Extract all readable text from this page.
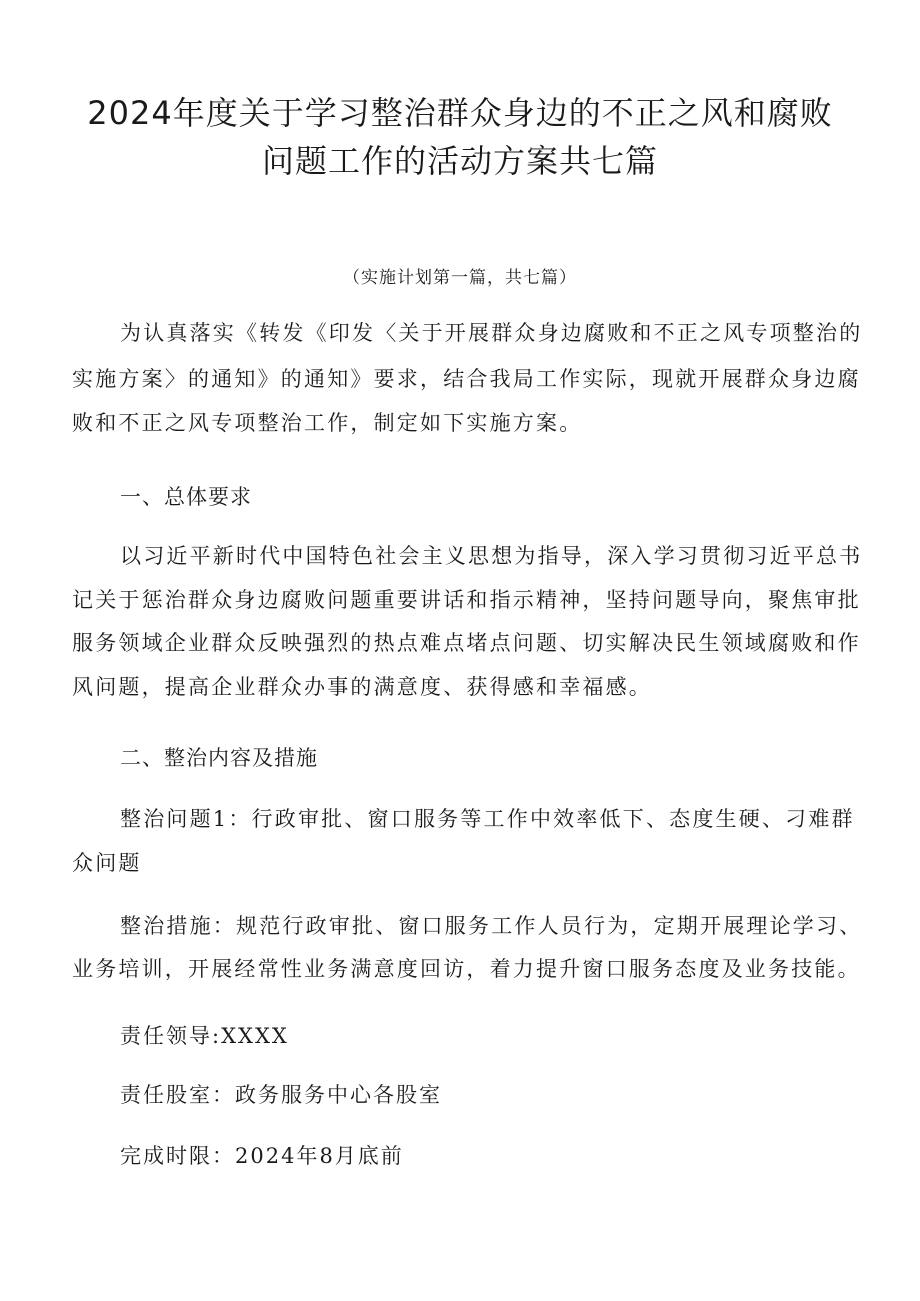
2024年度关于学习整治群众身边的不正之风和腐败
问题工作的活动方案共七篇
（实施计划第一篇，共七篇）
为认真落实《转发《印发〈关于开展群众身边腐败和不正之风专项整治的
实施方案〉的通知》的通知》要求，结合我局工作实际，现就开展群众身边腐
败和不正之风专项整治工作，制定如下实施方案。
一、总体要求
以习近平新时代中国特色社会主义思想为指导，深入学习贯彻习近平总书
记关于惩治群众身边腐败问题重要讲话和指示精神，坚持问题导向，聚焦审批
服务领域企业群众反映强烈的热点难点堵点问题、切实解决民生领域腐败和作
风问题，提高企业群众办事的满意度、获得感和幸福感。
二、整治内容及措施
整治问题1：行政审批、窗口服务等工作中效率低下、态度生硬、刁难群
众问题
整治措施：规范行政审批、窗口服务工作人员行为，定期开展理论学习、
业务培训，开展经常性业务满意度回访，着力提升窗口服务态度及业务技能。
责任领导:XXXX
责任股室：政务服务中心各股室
完成时限：2024年8月底前
